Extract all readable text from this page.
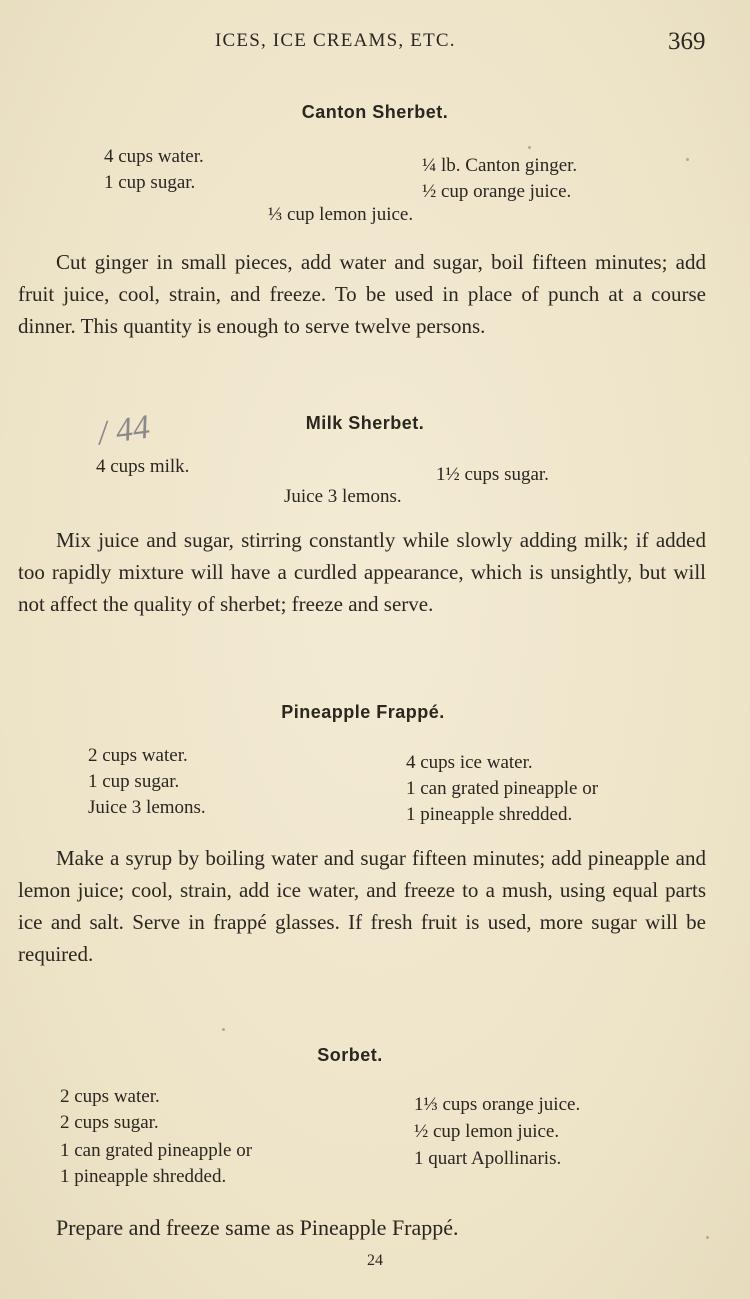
ICES, ICE CREAMS, ETC.	369
Canton Sherbet.
4 cups water.
1 cup sugar.
¼ lb. Canton ginger.
½ cup orange juice.
⅓ cup lemon juice.
Cut ginger in small pieces, add water and sugar, boil fifteen minutes; add fruit juice, cool, strain, and freeze. To be used in place of punch at a course dinner. This quantity is enough to serve twelve persons.
/ 44	Milk Sherbet.
4 cups milk.	1½ cups sugar.
Juice 3 lemons.
Mix juice and sugar, stirring constantly while slowly adding milk; if added too rapidly mixture will have a curdled appearance, which is unsightly, but will not affect the quality of sherbet; freeze and serve.
Pineapple Frappé.
2 cups water.
1 cup sugar.
Juice 3 lemons.
4 cups ice water.
1 can grated pineapple or
1 pineapple shredded.
Make a syrup by boiling water and sugar fifteen minutes; add pineapple and lemon juice; cool, strain, add ice water, and freeze to a mush, using equal parts ice and salt. Serve in frappé glasses. If fresh fruit is used, more sugar will be required.
Sorbet.
2 cups water.
2 cups sugar.
1 can grated pineapple or
1 pineapple shredded.
1⅓ cups orange juice.
½ cup lemon juice.
1 quart Apollinaris.
Prepare and freeze same as Pineapple Frappé.
24
